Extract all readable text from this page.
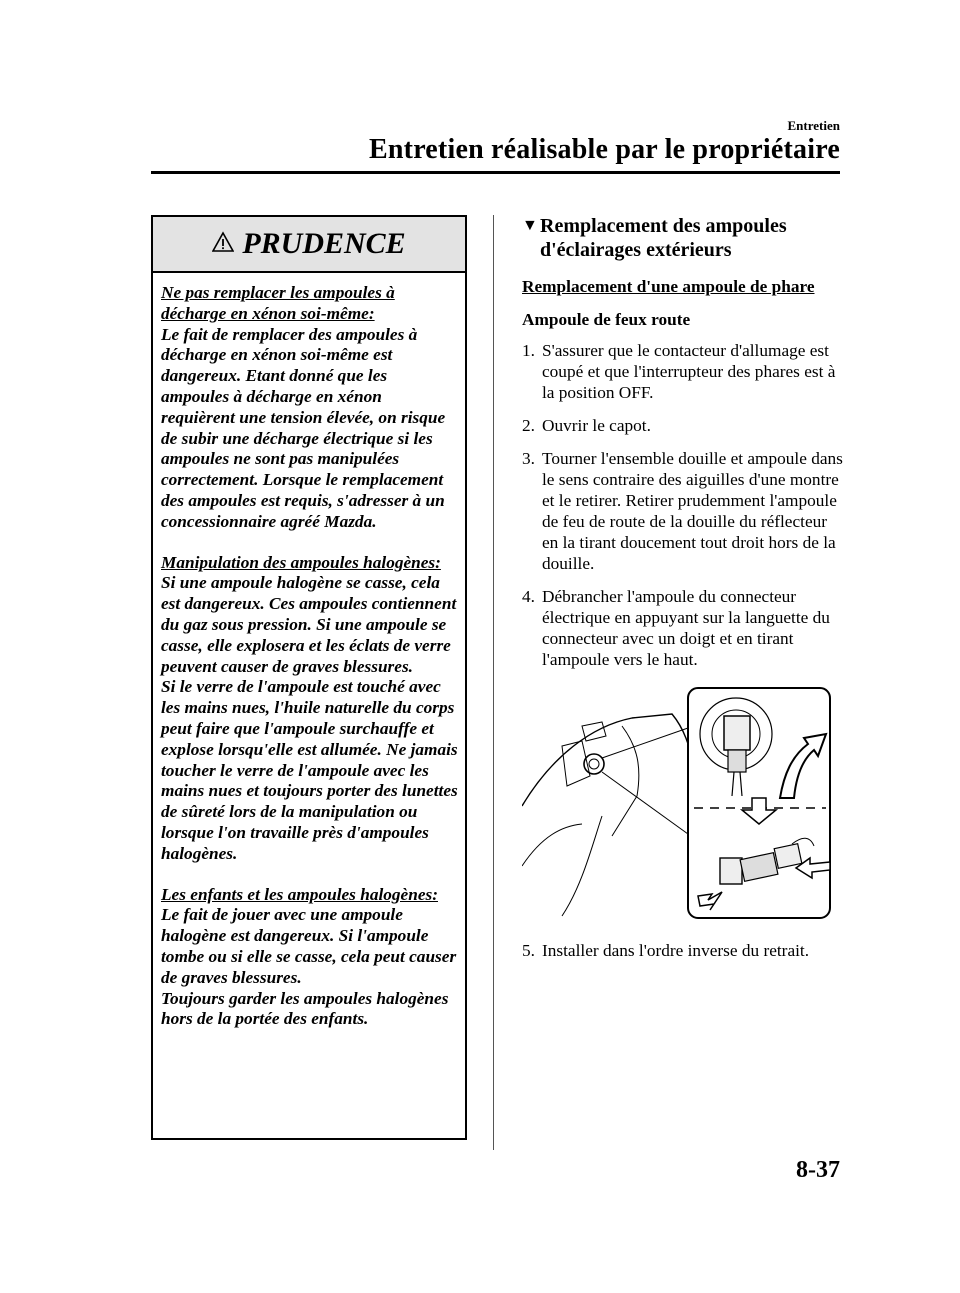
Entretien
Entretien réalisable par le propriétaire
PRUDENCE

Ne pas remplacer les ampoules à décharge en xénon soi-même:
Le fait de remplacer des ampoules à décharge en xénon soi-même est dangereux. Etant donné que les ampoules à décharge en xénon requièrent une tension élevée, on risque de subir une décharge électrique si les ampoules ne sont pas manipulées correctement. Lorsque le remplacement des ampoules est requis, s'adresser à un concessionnaire agréé Mazda.

Manipulation des ampoules halogènes:
Si une ampoule halogène se casse, cela est dangereux. Ces ampoules contiennent du gaz sous pression. Si une ampoule se casse, elle explosera et les éclats de verre peuvent causer de graves blessures.
Si le verre de l'ampoule est touché avec les mains nues, l'huile naturelle du corps peut faire que l'ampoule surchauffe et explose lorsqu'elle est allumée. Ne jamais toucher le verre de l'ampoule avec les mains nues et toujours porter des lunettes de sûreté lors de la manipulation ou lorsque l'on travaille près d'ampoules halogènes.

Les enfants et les ampoules halogènes:
Le fait de jouer avec une ampoule halogène est dangereux. Si l'ampoule tombe ou si elle se casse, cela peut causer de graves blessures.
Toujours garder les ampoules halogènes hors de la portée des enfants.

▼ Remplacement des ampoules d'éclairages extérieurs
Remplacement d'une ampoule de phare
Ampoule de feux route
1. S'assurer que le contacteur d'allumage est coupé et que l'interrupteur des phares est à la position OFF.
2. Ouvrir le capot.
3. Tourner l'ensemble douille et ampoule dans le sens contraire des aiguilles d'une montre et le retirer. Retirer prudemment l'ampoule de feu de route de la douille du réflecteur en la tirant doucement tout droit hors de la douille.
4. Débrancher l'ampoule du connecteur électrique en appuyant sur la languette du connecteur avec un doigt et en tirant l'ampoule vers le haut.
5. Installer dans l'ordre inverse du retrait.
8-37
